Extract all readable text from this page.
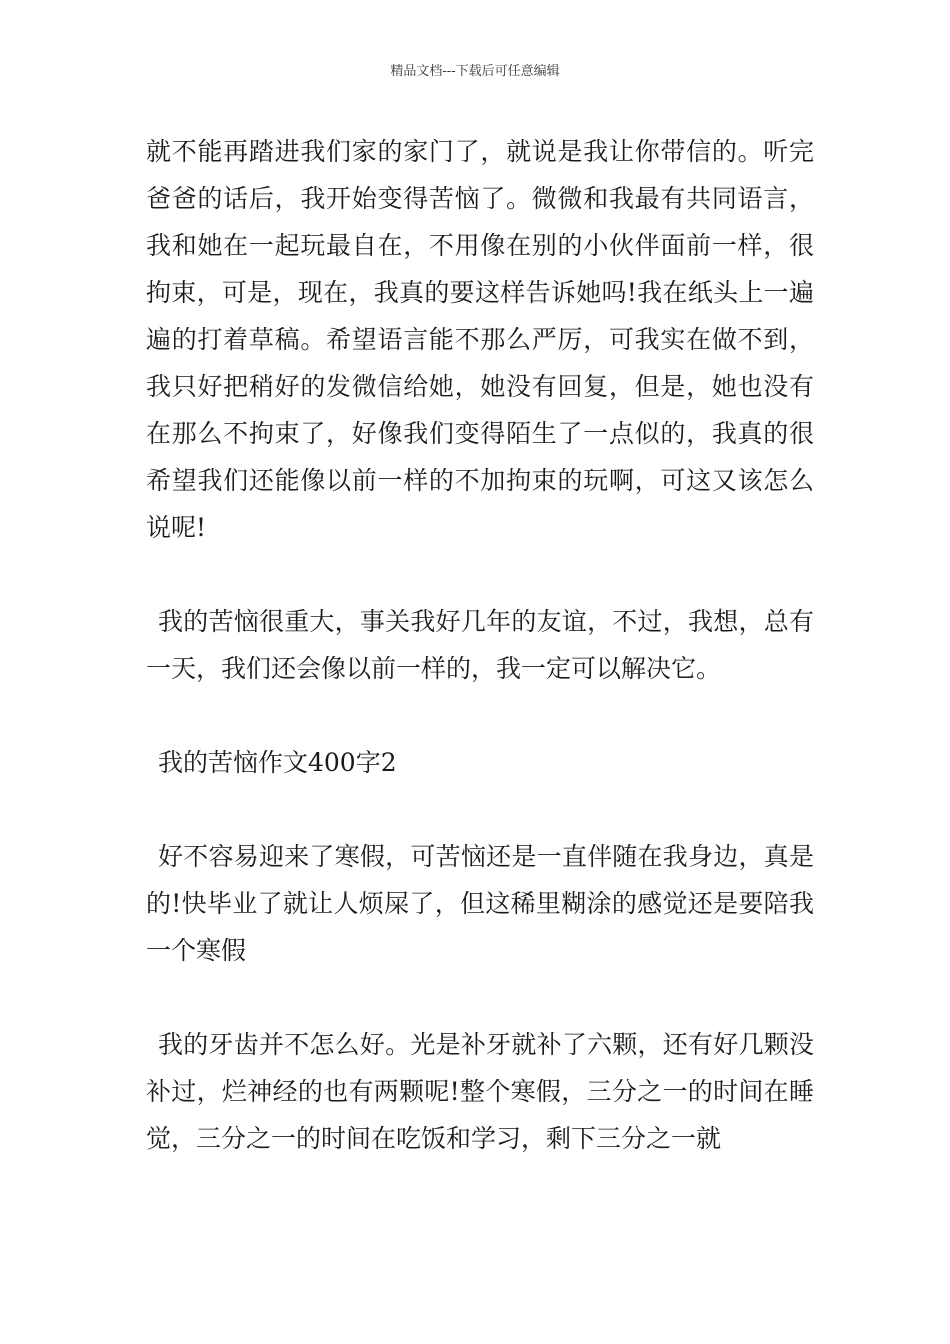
精品文档---下载后可任意编辑

就不能再踏进我们家的家门了，就说是我让你带信的。听完爸爸的话后，我开始变得苦恼了。微微和我最有共同语言，我和她在一起玩最自在，不用像在别的小伙伴面前一样，很拘束，可是，现在，我真的要这样告诉她吗!我在纸头上一遍遍的打着草稿。希望语言能不那么严厉，可我实在做不到，我只好把稍好的发微信给她，她没有回复，但是，她也没有在那么不拘束了，好像我们变得陌生了一点似的，我真的很希望我们还能像以前一样的不加拘束的玩啊，可这又该怎么说呢!

我的苦恼很重大，事关我好几年的友谊，不过，我想，总有一天，我们还会像以前一样的，我一定可以解决它。

我的苦恼作文400字2

好不容易迎来了寒假，可苦恼还是一直伴随在我身边，真是的!快毕业了就让人烦屎了，但这稀里糊涂的感觉还是要陪我一个寒假

我的牙齿并不怎么好。光是补牙就补了六颗，还有好几颗没补过，烂神经的也有两颗呢!整个寒假，三分之一的时间在睡觉，三分之一的时间在吃饭和学习，剩下三分之一就
